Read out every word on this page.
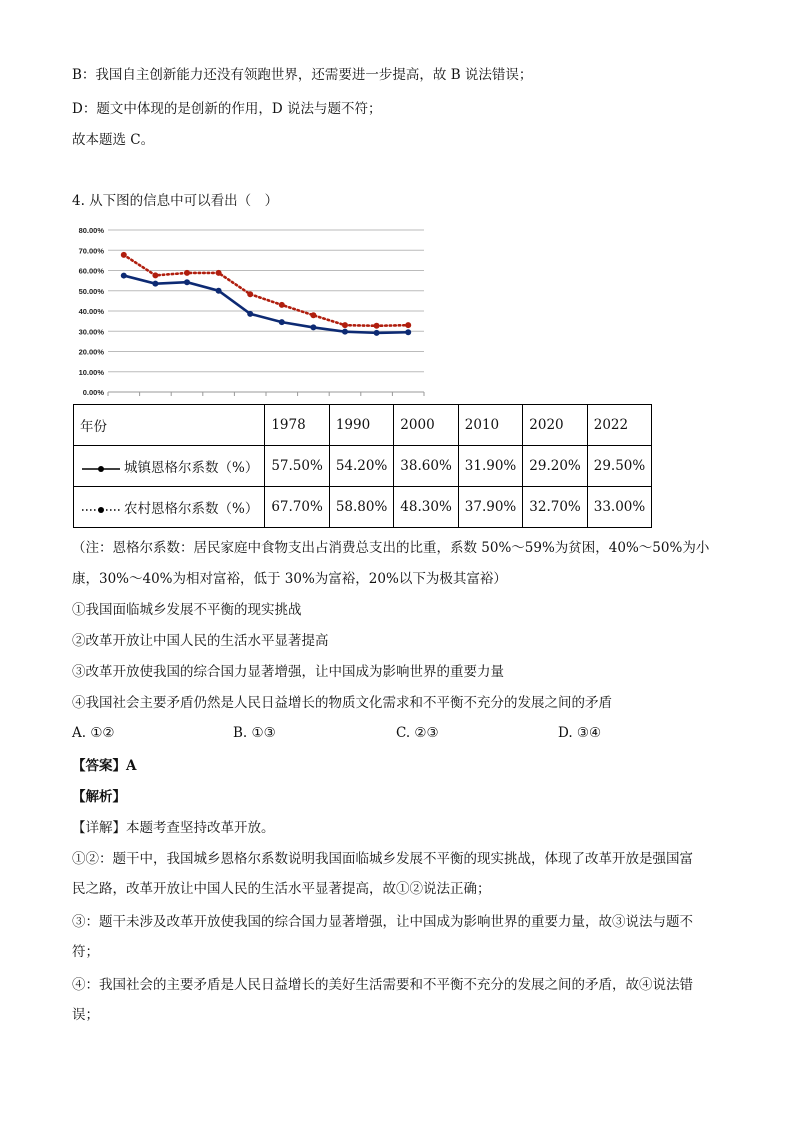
B：我国自主创新能力还没有领跑世界，还需要进一步提高，故 B 说法错误；
D：题文中体现的是创新的作用，D 说法与题不符；
故本题选 C。
4. 从下图的信息中可以看出（　）
0.00%
10.00%
20.00%
30.00%
40.00%
50.00%
60.00%
70.00%
80.00%
年份	1978	1990	2000	2010	2020	2022
城镇恩格尔系数（%）	57.50%	54.20%	38.60%	31.90%	29.20%	29.50%
农村恩格尔系数（%）	67.70%	58.80%	48.30%	37.90%	32.70%	33.00%
（注：恩格尔系数：居民家庭中食物支出占消费总支出的比重，系数 50%～59%为贫困，40%～50%为小
康，30%～40%为相对富裕，低于 30%为富裕，20%以下为极其富裕）
①我国面临城乡发展不平衡的现实挑战
②改革开放让中国人民的生活水平显著提高
③改革开放使我国的综合国力显著增强，让中国成为影响世界的重要力量
④我国社会主要矛盾仍然是人民日益增长的物质文化需求和不平衡不充分的发展之间的矛盾
A. ①②	B. ①③	C. ②③	D. ③④
【答案】A
【解析】
【详解】本题考查坚持改革开放。
①②：题干中，我国城乡恩格尔系数说明我国面临城乡发展不平衡的现实挑战，体现了改革开放是强国富
民之路，改革开放让中国人民的生活水平显著提高，故①②说法正确；
③：题干未涉及改革开放使我国的综合国力显著增强，让中国成为影响世界的重要力量，故③说法与题不
符；
④：我国社会的主要矛盾是人民日益增长的美好生活需要和不平衡不充分的发展之间的矛盾，故④说法错
误；
